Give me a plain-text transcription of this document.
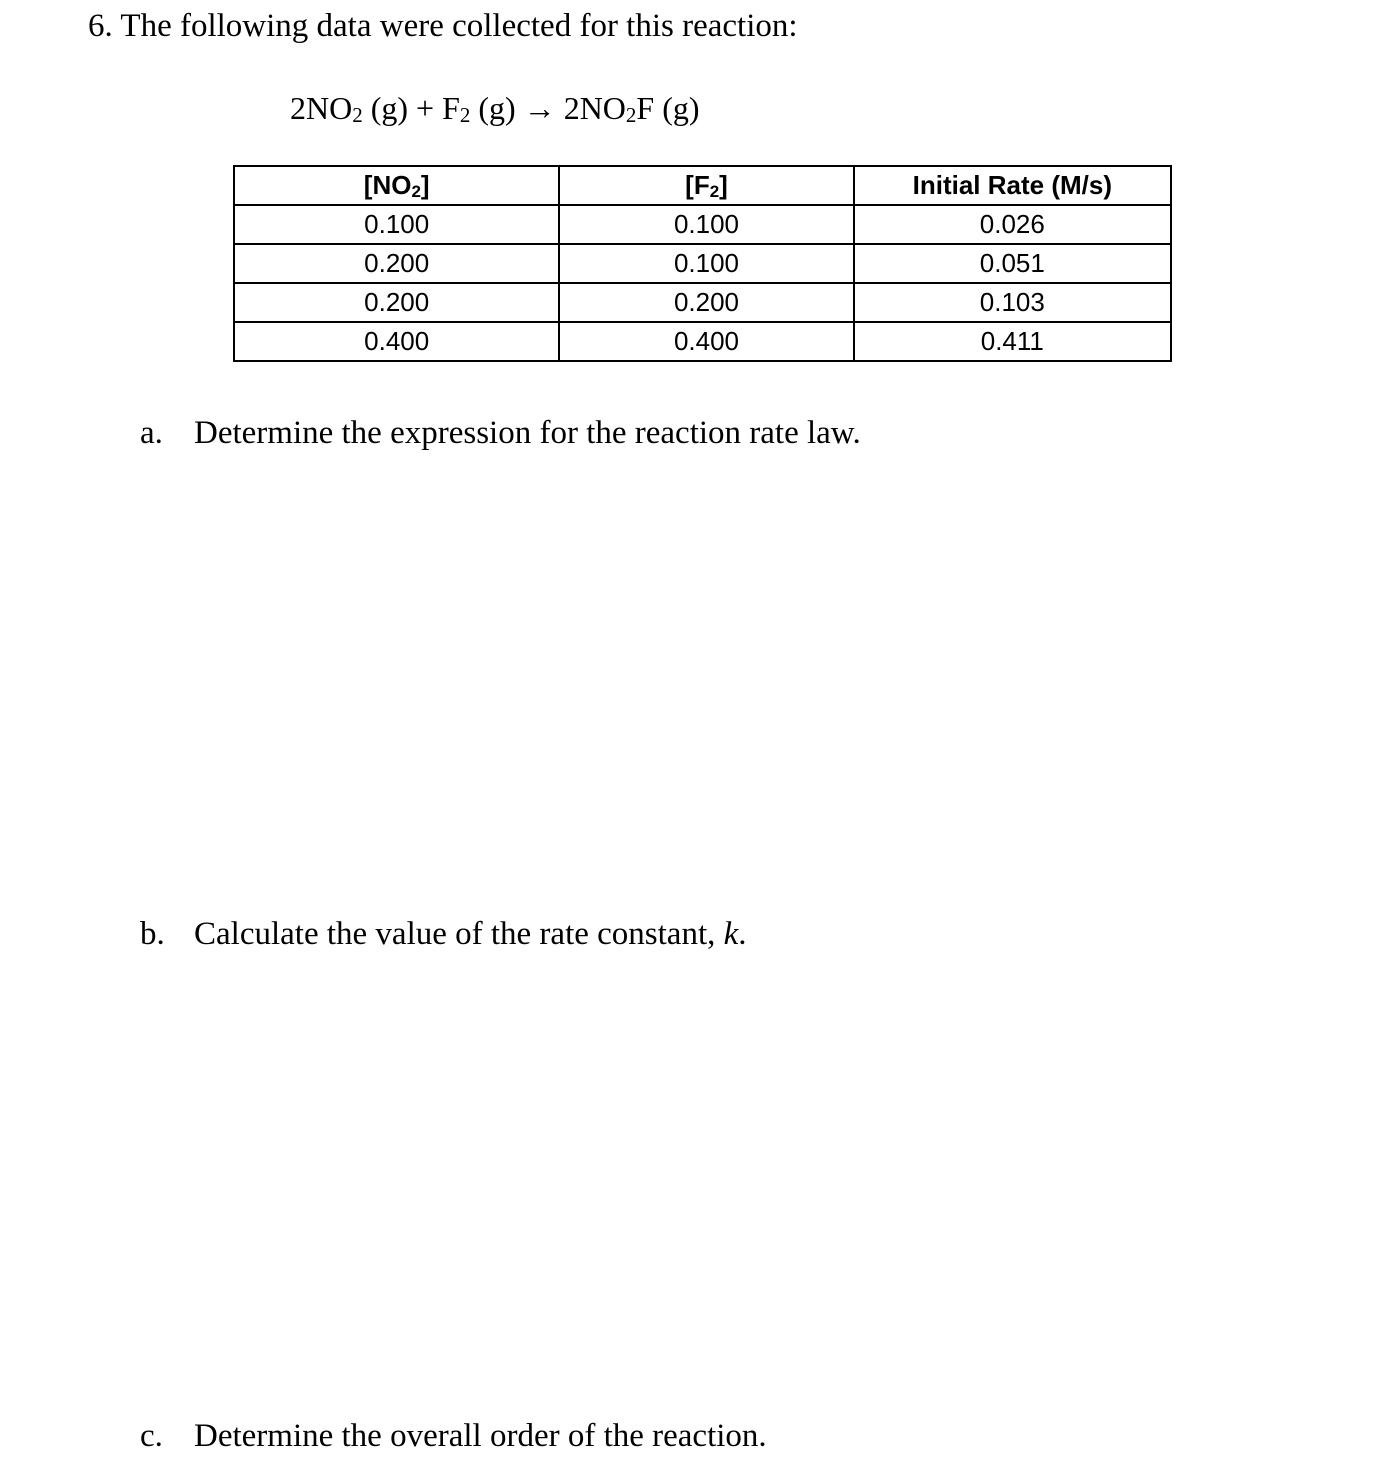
6. The following data were collected for this reaction:
$2NO_2$ $(g) + F_2$ $(g) \to 2NO_2F$ (g)
$[NO_2]$	$[F_2]$	Initial Rate (M/s)
0.100	0.100	0.026
0.200	0.100	0.051
0.200	0.200	0.103
0.400	0.400	0.411
a. Determine the expression for the reaction rate law.
b. Calculate the value of the rate constant, k.
c. Determine the overall order of the reaction.
